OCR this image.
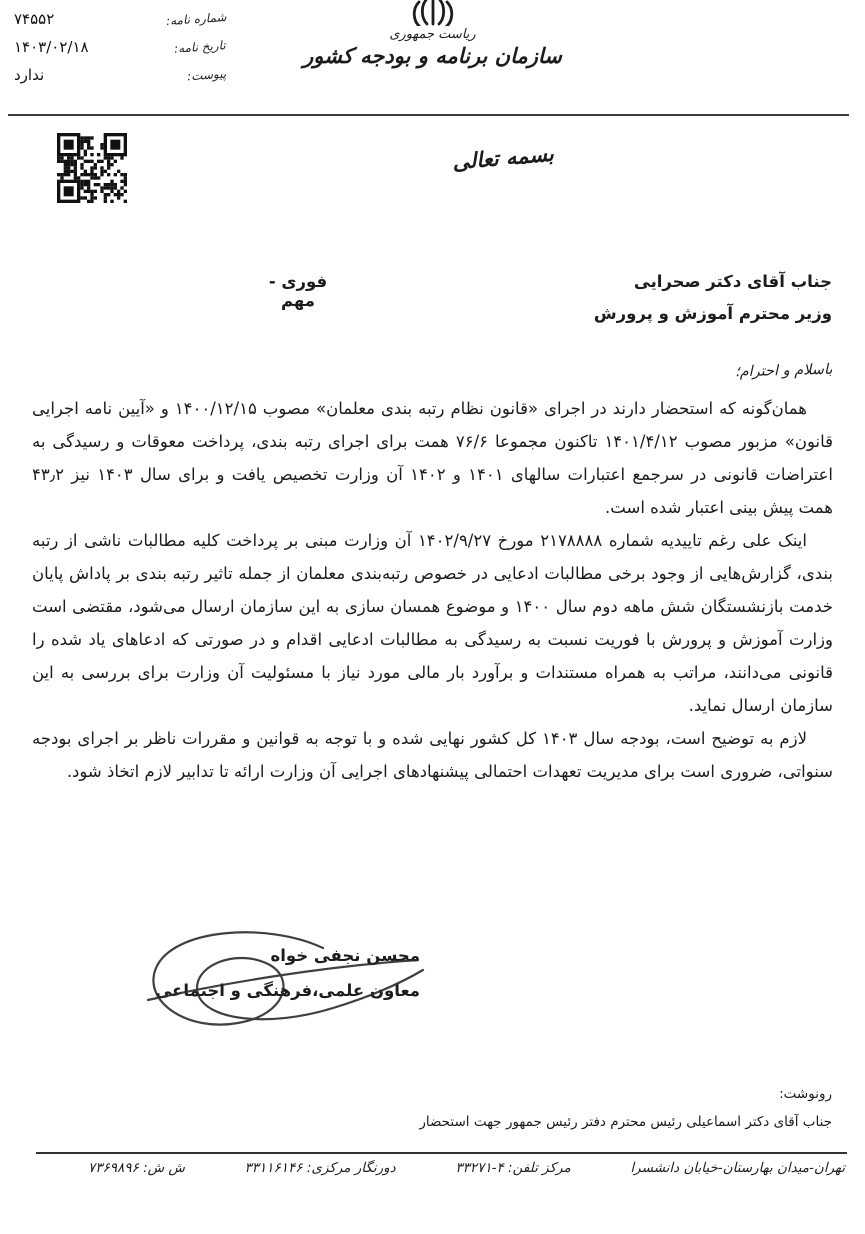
شماره نامه:
۷۴۵۵۲
تاریخ نامه:
۱۴۰۳/۰۲/۱۸
پیوست:
ندارد
ریاست جمهوری
سازمان برنامه و بودجه کشور
بسمه تعالی
جناب آقای دکتر صحرایی
وزیر محترم آموزش و پرورش
فوری - مهم
باسلام و احترام؛

همان‌گونه که استحضار دارند در اجرای «قانون نظام رتبه بندی معلمان» مصوب ۱۴۰۰/۱۲/۱۵ و «آیین نامه اجرایی قانون» مزبور مصوب ۱۴۰۱/۴/۱۲ تاکنون مجموعا ۷۶/۶ همت برای اجرای رتبه بندی، پرداخت معوقات و رسیدگی به اعتراضات قانونی در سرجمع اعتبارات سالهای ۱۴۰۱ و ۱۴۰۲ آن وزارت تخصیص یافت و برای سال ۱۴۰۳ نیز ۴۳٫۲ همت پیش بینی اعتبار شده است.

اینک علی رغم تاییدیه شماره ۲۱۷۸۸۸۸ مورخ ۱۴۰۲/۹/۲۷ آن وزارت مبنی بر پرداخت کلیه مطالبات ناشی از رتبه بندی، گزارش‌هایی از وجود برخی مطالبات ادعایی در خصوص رتبه‌بندی معلمان از جمله تاثیر رتبه بندی بر پاداش پایان خدمت بازنشستگان شش ماهه دوم سال ۱۴۰۰ و موضوع همسان سازی به این سازمان ارسال می‌شود، مقتضی است وزارت آموزش و پرورش با فوریت نسبت به رسیدگی به مطالبات ادعایی اقدام و در صورتی که ادعاهای یاد شده را قانونی می‌دانند، مراتب به همراه مستندات و برآورد بار مالی مورد نیاز با مسئولیت آن وزارت برای بررسی به این سازمان ارسال نماید.

لازم به توضیح است، بودجه سال ۱۴۰۳ کل کشور نهایی شده و با توجه به قوانین و مقررات ناظر بر اجرای بودجه سنواتی، ضروری است برای مدیریت تعهدات احتمالی پیشنهادهای اجرایی آن وزارت ارائه تا تدابیر لازم اتخاذ شود.

محسن نجفی خواه
معاون علمی،فرهنگی و اجتماعی
رونوشت:
جناب آقای دکتر اسماعیلی رئیس محترم دفتر رئیس جمهور جهت استحضار
تهران-میدان بهارستان-خیابان دانشسرا
مرکز تلفن: ۴-۳۳۲۷۱
دورنگار مرکزی: ۳۳۱۱۶۱۴۶
ش ش: ۷۳۶۹۸۹۶
